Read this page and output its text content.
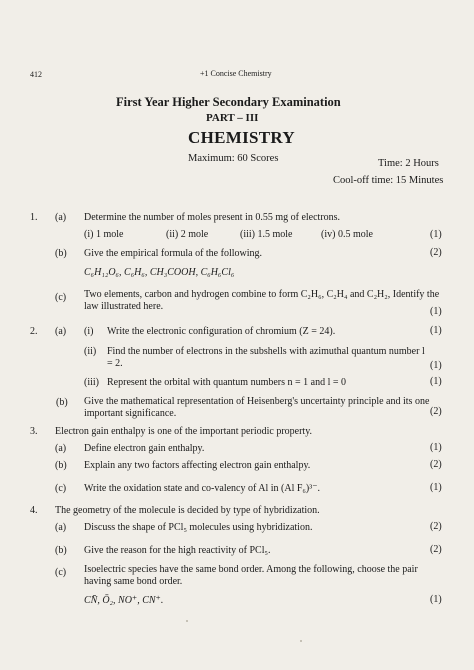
412	+1 Concise Chemistry
First Year Higher Secondary Examination
PART – III
CHEMISTRY
Maximum: 60 Scores	Time: 2 Hours
Cool-off time: 15 Minutes
1. (a) Determine the number of moles present in 0.55 mg of electrons.
(i) 1 mole	(ii) 2 mole	(iii) 1.5 mole	(iv) 0.5 mole	(1)
(b) Give the empirical formula of the following.	(2)
C₆H₁₂O₆, C₆H₆, CH₃COOH, C₆H₆Cl₆
(c) Two elements, carbon and hydrogen combine to form C₂H₆, C₂H₄ and C₂H₂, Identify the law illustrated here.	(1)
2. (a) (i) Write the electronic configuration of chromium (Z = 24).	(1)
(ii) Find the number of electrons in the subshells with azimuthal quantum number l = 2.	(1)
(iii) Represent the orbital with quantum numbers n = 1 and l = 0	(1)
(b) Give the mathematical representation of Heisenberg's uncertainty principle and its one important significance.	(2)
3. Electron gain enthalpy is one of the important periodic property.
(a) Define electron gain enthalpy.	(1)
(b) Explain any two factors affecting electron gain enthalpy.	(2)
(c) Write the oxidation state and co-valency of Al in (Al F₆)³⁻.	(1)
4. The geometry of the molecule is decided by type of hybridization.
(a) Discuss the shape of PCl₅ molecules using hybridization.	(2)
(b) Give the reason for the high reactivity of PCl₅.	(2)
(c) Isoelectric species have the same bond order. Among the following, choose the pair having same bond order.
CN̄, Ō₂, NO⁺, CN⁺.	(1)
